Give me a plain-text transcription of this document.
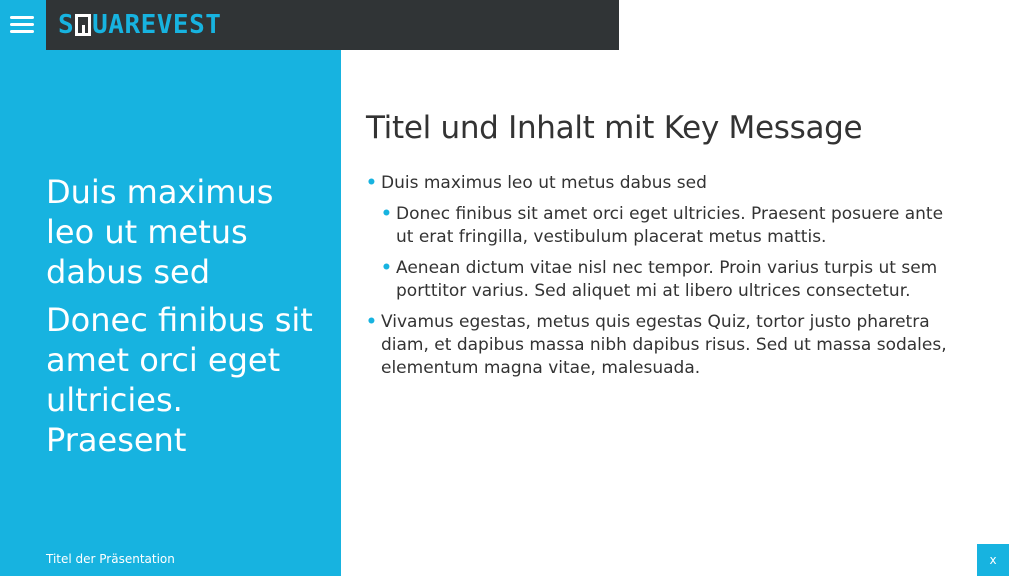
S UAREVEST

Duis maximus leo ut metus dabus sed

Donec finibus sit amet orci eget ultricies. Praesent

Titel der Präsentation
Titel und Inhalt mit Key Message
• Duis maximus leo ut metus dabus sed
• Donec finibus sit amet orci eget ultricies. Praesent posuere ante ut erat fringilla, vestibulum placerat metus mattis.
• Aenean dictum vitae nisl nec tempor. Proin varius turpis ut sem porttitor varius. Sed aliquet mi at libero ultrices consectetur.
• Vivamus egestas, metus quis egestas Quiz, tortor justo pharetra diam, et dapibus massa nibh dapibus risus. Sed ut massa sodales, elementum magna vitae, malesuada.
x
